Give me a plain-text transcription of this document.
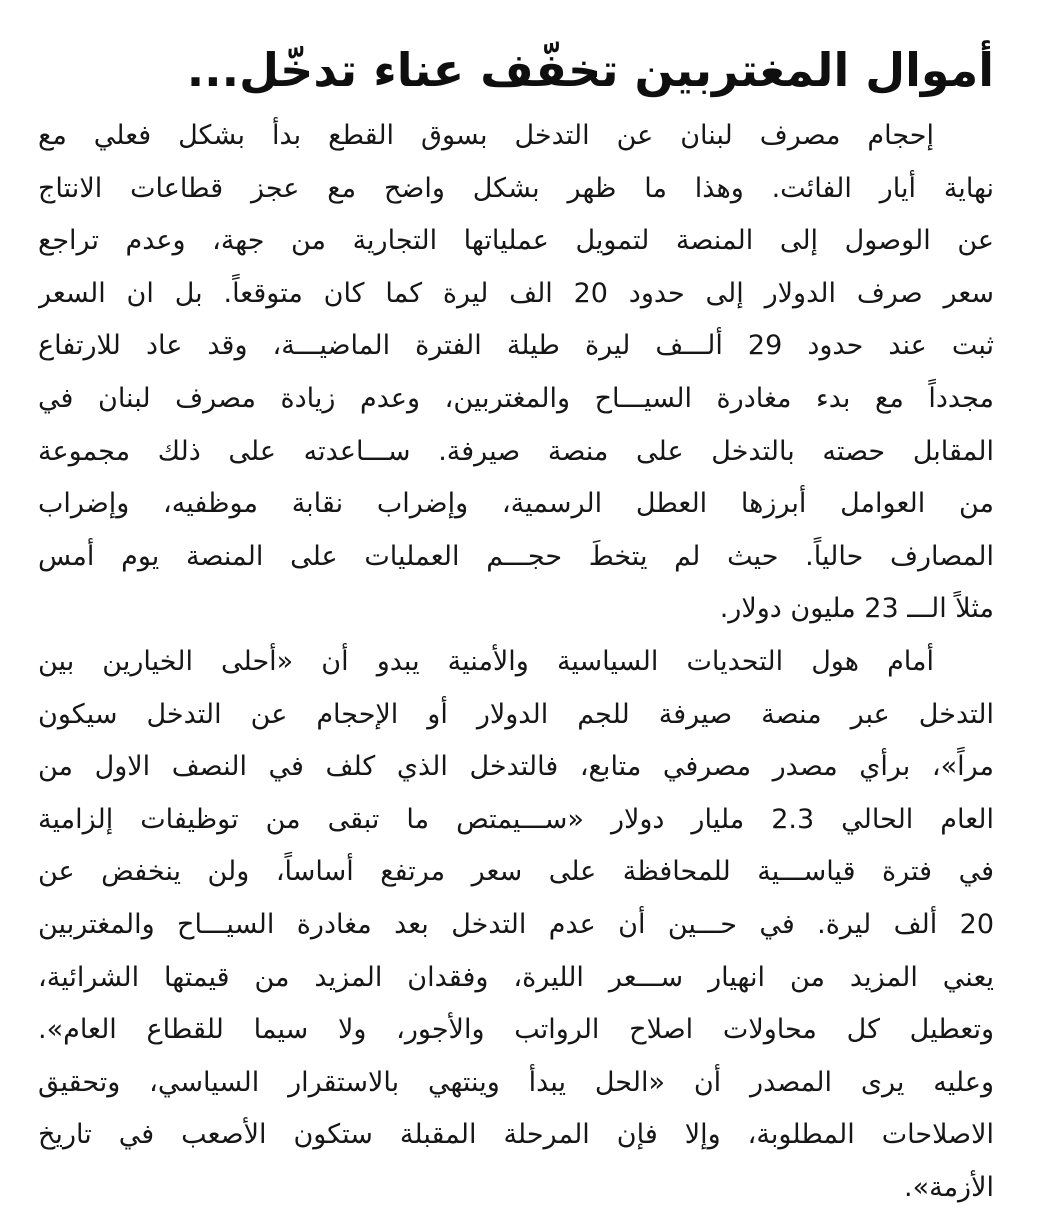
أموال المغتربين تخفّف عناء تدخّل...

إحجام مصرف لبنان عن التدخل بسوق القطع بدأ بشكل فعلي مع
نهاية أيار الفائت. وهذا ما ظهر بشكل واضح مع عجز قطاعات الانتاج
عن الوصول إلى المنصة لتمويل عملياتها التجارية من جهة، وعدم تراجع
سعر صرف الدولار إلى حدود 20 الف ليرة كما كان متوقعاً. بل ان السعر
ثبت عند حدود 29 ألـــف ليرة طيلة الفترة الماضيـــة، وقد عاد للارتفاع
مجدداً مع بدء مغادرة السيـــاح والمغتربين، وعدم زيادة مصرف لبنان في
المقابل حصته بالتدخل على منصة صيرفة. ســـاعدته على ذلك مجموعة
من العوامل أبرزها العطل الرسمية، وإضراب نقابة موظفيه، وإضراب
المصارف حالياً. حيث لم يتخطَ حجـــم العمليات على المنصة يوم أمس
مثلاً الـــ 23 مليون دولار.

أمام هول التحديات السياسية والأمنية يبدو أن «أحلى الخيارين بين
التدخل عبر منصة صيرفة للجم الدولار أو الإحجام عن التدخل سيكون
مراً»، برأي مصدر مصرفي متابع، فالتدخل الذي كلف في النصف الاول من
العام الحالي 2.3 مليار دولار «ســـيمتص ما تبقى من توظيفات إلزامية
في فترة قياســـية للمحافظة على سعر مرتفع أساساً، ولن ينخفض عن
20 ألف ليرة. في حـــين أن عدم التدخل بعد مغادرة السيـــاح والمغتربين
يعني المزيد من انهيار ســـعر الليرة، وفقدان المزيد من قيمتها الشرائية،
وتعطيل كل محاولات اصلاح الرواتب والأجور، ولا سيما للقطاع العام».
وعليه يرى المصدر أن «الحل يبدأ وينتهي بالاستقرار السياسي، وتحقيق
الاصلاحات المطلوبة، وإلا فإن المرحلة المقبلة ستكون الأصعب في تاريخ
الأزمة».
